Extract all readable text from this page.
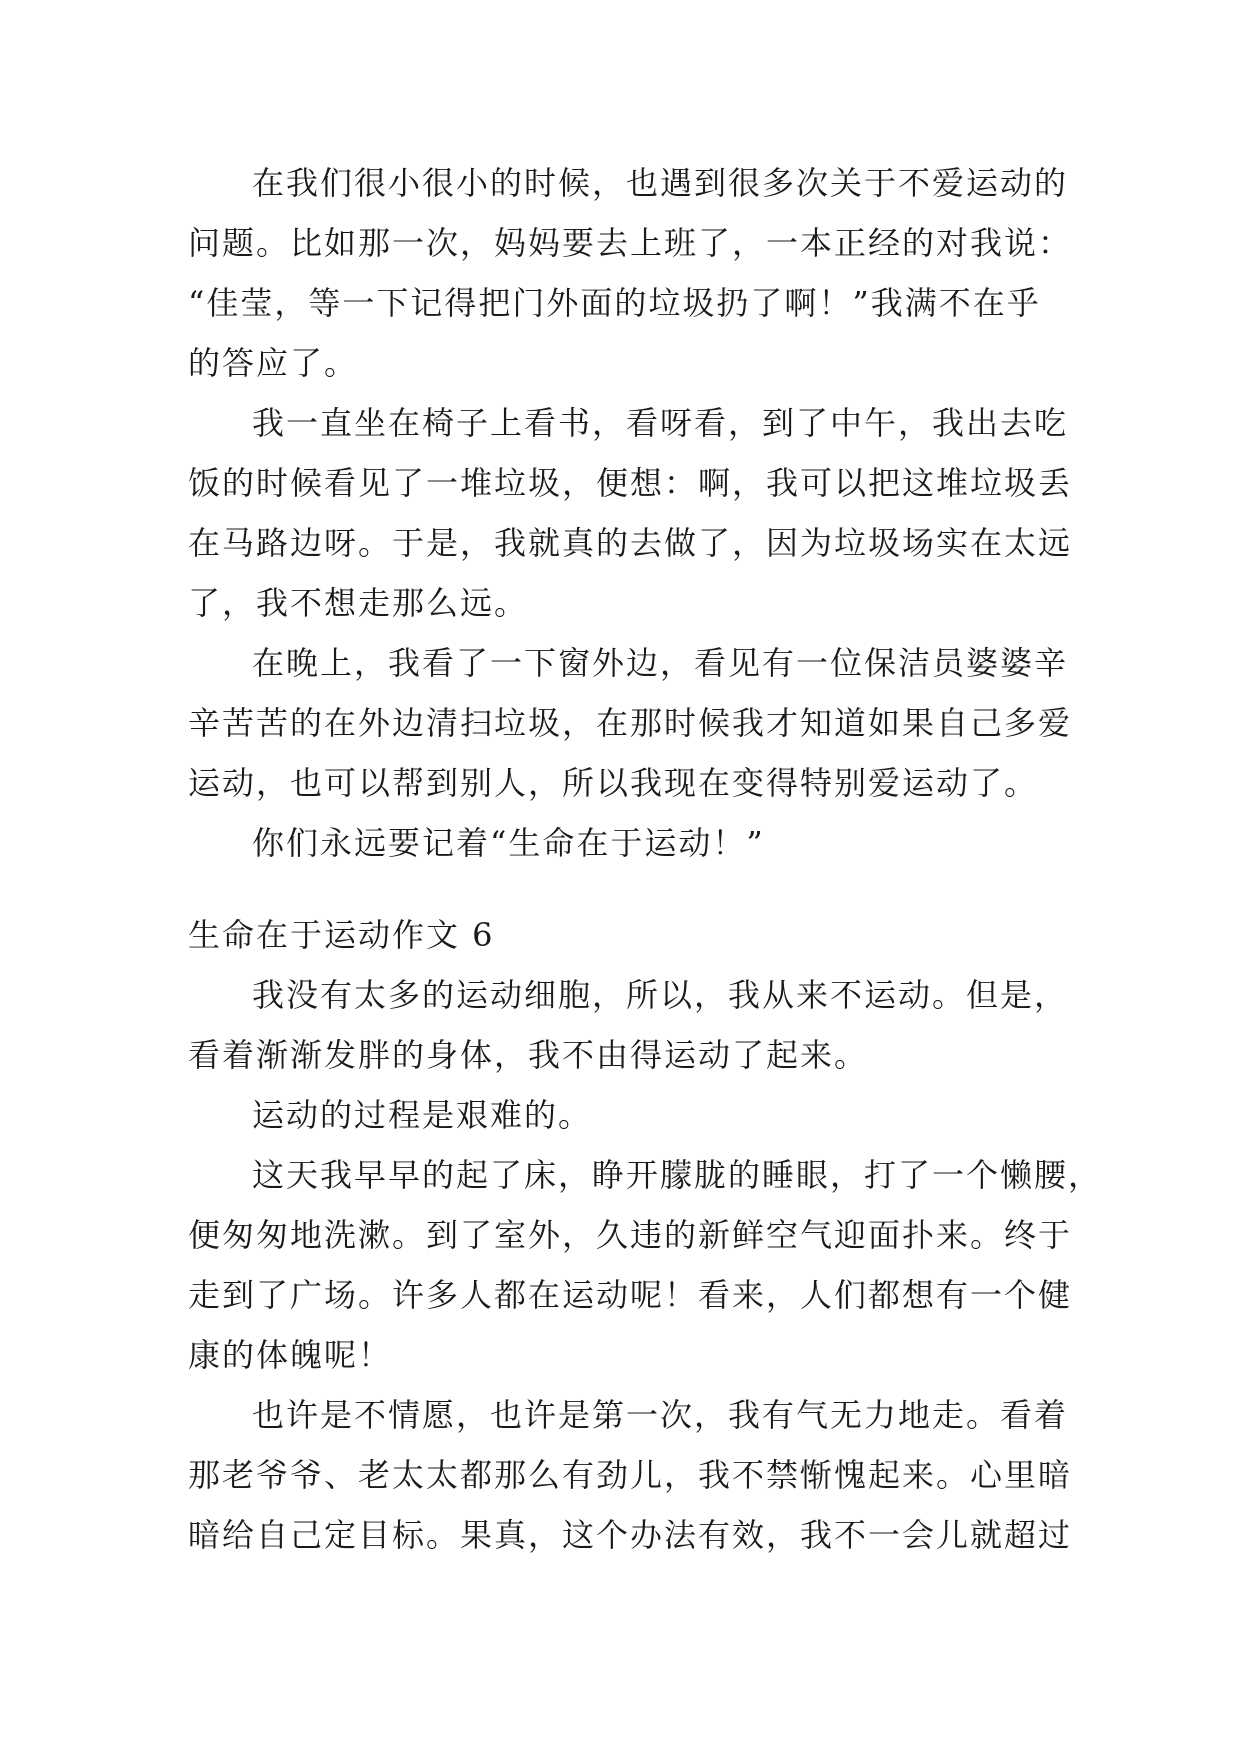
在我们很小很小的时候，也遇到很多次关于不爱运动的
问题。比如那一次，妈妈要去上班了，一本正经的对我说：
“佳莹，等一下记得把门外面的垃圾扔了啊！”我满不在乎
的答应了。
我一直坐在椅子上看书，看呀看，到了中午，我出去吃
饭的时候看见了一堆垃圾，便想：啊，我可以把这堆垃圾丢
在马路边呀。于是，我就真的去做了，因为垃圾场实在太远
了，我不想走那么远。
在晚上，我看了一下窗外边，看见有一位保洁员婆婆辛
辛苦苦的在外边清扫垃圾，在那时候我才知道如果自己多爱
运动，也可以帮到别人，所以我现在变得特别爱运动了。
你们永远要记着“生命在于运动！”
生命在于运动作文 6
我没有太多的运动细胞，所以，我从来不运动。但是，
看着渐渐发胖的身体，我不由得运动了起来。
运动的过程是艰难的。
这天我早早的起了床，睁开朦胧的睡眼，打了一个懒腰，
便匆匆地洗漱。到了室外，久违的新鲜空气迎面扑来。终于
走到了广场。许多人都在运动呢！看来，人们都想有一个健
康的体魄呢！
也许是不情愿，也许是第一次，我有气无力地走。看着
那老爷爷、老太太都那么有劲儿，我不禁惭愧起来。心里暗
暗给自己定目标。果真，这个办法有效，我不一会儿就超过
